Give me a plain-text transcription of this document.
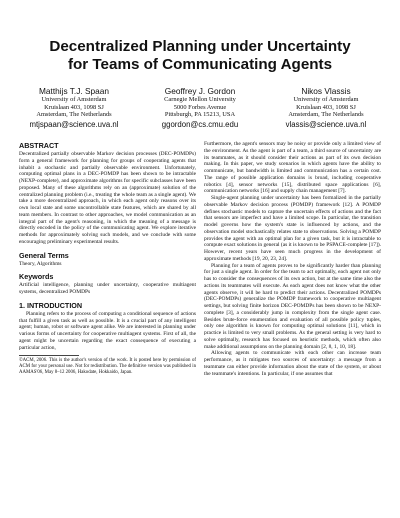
Decentralized Planning under Uncertainty
for Teams of Communicating Agents
Matthijs T.J. Spaan
University of Amsterdam
Kruislaan 403, 1098 SJ
Amsterdam, The Netherlands
mtjspaan@science.uva.nl
Geoffrey J. Gordon
Carnegie Mellon University
5000 Forbes Avenue
Pittsburgh, PA 15213, USA
ggordon@cs.cmu.edu
Nikos Vlassis
University of Amsterdam
Kruislaan 403, 1098 SJ
Amsterdam, The Netherlands
vlassis@science.uva.nl
ABSTRACT

Decentralized partially observable Markov decision processes (DEC-POMDPs) form a general framework for planning for groups of cooperating agents that inhabit a stochastic and partially observable environment. Unfortunately, computing optimal plans in a DEC-POMDP has been shown to be intractable (NEXP-complete), and approximate algorithms for specific subclasses have been proposed. Many of these algorithms rely on an (approximate) solution of the centralized planning problem (i.e., treating the whole team as a single agent). We take a more decentralized approach, in which each agent only reasons over its own local state and some uncontrollable state features, which are shared by all team members. In contrast to other approaches, we model communication as an integral part of the agent's reasoning, in which the meaning of a message is directly encoded in the policy of the communicating agent. We explore iterative methods for approximately solving such models, and we conclude with some encouraging preliminary experimental results.

General Terms

Theory, Algorithms

Keywords

Artificial intelligence, planning under uncertainty, cooperative multiagent systems, decentralized POMDPs

1. INTRODUCTION

Planning refers to the process of computing a conditional sequence of actions that fulfill a given task as well as possible. It is a crucial part of any intelligent agent; human, robot or software agent alike. We are interested in planning under various forms of uncertainty for cooperative multiagent systems. First of all, the agent might be uncertain regarding the exact consequence of executing a particular action,

©ACM, 2006. This is the author's version of the work. It is posted here by permission of ACM for your personal use. Not for redistribution. The definitive version was published in AAMAS'06, May 8–12 2006, Hakodate, Hokkaido, Japan.

Furthermore, the agent's sensors may be noisy or provide only a limited view of the environment. As the agent is part of a team, a third source of uncertainty are its teammates, as it should consider their actions as part of its own decision making. In this paper, we study scenarios in which agents have the ability to communicate, but bandwidth is limited and communication has a certain cost. The range of possible application domains is broad, including cooperative robotics [4], sensor networks [15], distributed space applications [6], communication networks [16] and supply chain management [7].

Single-agent planning under uncertainty has been formalized in the partially observable Markov decision process (POMDP) framework [12]. A POMDP defines stochastic models to capture the uncertain effects of actions and the fact that sensors are imperfect and have a limited scope. In particular, the transition model governs how the system's state is influenced by actions, and the observation model stochastically relates state to observations. Solving a POMDP provides the agent with an optimal plan for a given task, but it is intractable to compute exact solutions in general (as it is known to be PSPACE-complete [17]). However, recent years have seen much progress in the development of approximate methods [19, 20, 23, 24].

Planning for a team of agents proves to be significantly harder than planning for just a single agent. In order for the team to act optimally, each agent not only has to consider the consequences of its own action, but at the same time also the actions its teammates will execute. As each agent does not know what the other agents observe, it will be hard to predict their actions. Decentralized POMDPs (DEC-POMDPs) generalize the POMDP framework to cooperative multiagent settings, but solving finite horizon DEC-POMDPs has been shown to be NEXP-complete [3], a considerably jump in complexity from the single agent case. Besides brute-force enumeration and evaluation of all possible policy tuples, only one algorithm is known for computing optimal solutions [11], which in practice is limited to very small problems. As the general setting is very hard to solve optimally, research has focused on heuristic methods, which often also make additional assumptions on the planning domain [2, 8, 1, 10, 18].

Allowing agents to communicate with each other can increase team performance, as it mitigates two sources of uncertainty: a message from a teammate can either provide information about the state of the system, or about the teammate's intentions. In particular, if one assumes that
